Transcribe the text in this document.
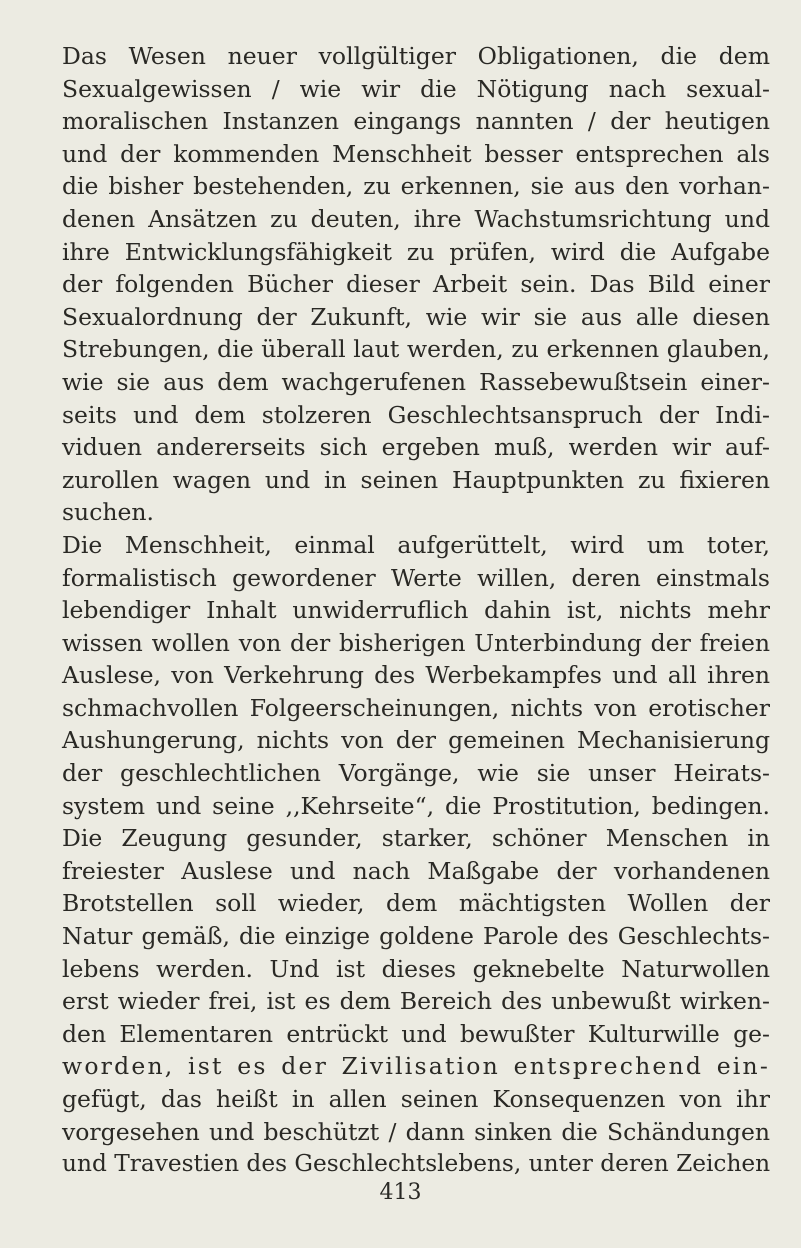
Das Wesen neuer vollgültiger Obligationen, die dem
Sexualgewissen / wie wir die Nötigung nach sexual-
moralischen Instanzen eingangs nannten / der heutigen
und der kommenden Menschheit besser entsprechen als
die bisher bestehenden, zu erkennen, sie aus den vorhan-
denen Ansätzen zu deuten, ihre Wachstumsrichtung und
ihre Entwicklungsfähigkeit zu prüfen, wird die Aufgabe
der folgenden Bücher dieser Arbeit sein. Das Bild einer
Sexualordnung der Zukunft, wie wir sie aus alle diesen
Strebungen, die überall laut werden, zu erkennen glauben,
wie sie aus dem wachgerufenen Rassebewußtsein einer-
seits und dem stolzeren Geschlechtsanspruch der Indi-
viduen andererseits sich ergeben muß, werden wir auf-
zurollen wagen und in seinen Hauptpunkten zu fixieren
suchen.
Die Menschheit, einmal aufgerüttelt, wird um toter,
formalistisch gewordener Werte willen, deren einstmals
lebendiger Inhalt unwiderruflich dahin ist, nichts mehr
wissen wollen von der bisherigen Unterbindung der freien
Auslese, von Verkehrung des Werbekampfes und all ihren
schmachvollen Folgeerscheinungen, nichts von erotischer
Aushungerung, nichts von der gemeinen Mechanisierung
der geschlechtlichen Vorgänge, wie sie unser Heirats-
system und seine ,,Kehrseite“, die Prostitution, bedingen.
Die Zeugung gesunder, starker, schöner Menschen in
freiester Auslese und nach Maßgabe der vorhandenen
Brotstellen soll wieder, dem mächtigsten Wollen der
Natur gemäß, die einzige goldene Parole des Geschlechts-
lebens werden. Und ist dieses geknebelte Naturwollen
erst wieder frei, ist es dem Bereich des unbewußt wirken-
den Elementaren entrückt und bewußter Kulturwille ge-
worden, ist es der Zivilisation entsprechend ein-
gefügt, das heißt in allen seinen Konsequenzen von ihr
vorgesehen und beschützt / dann sinken die Schändungen
und Travestien des Geschlechtslebens, unter deren Zeichen
413
